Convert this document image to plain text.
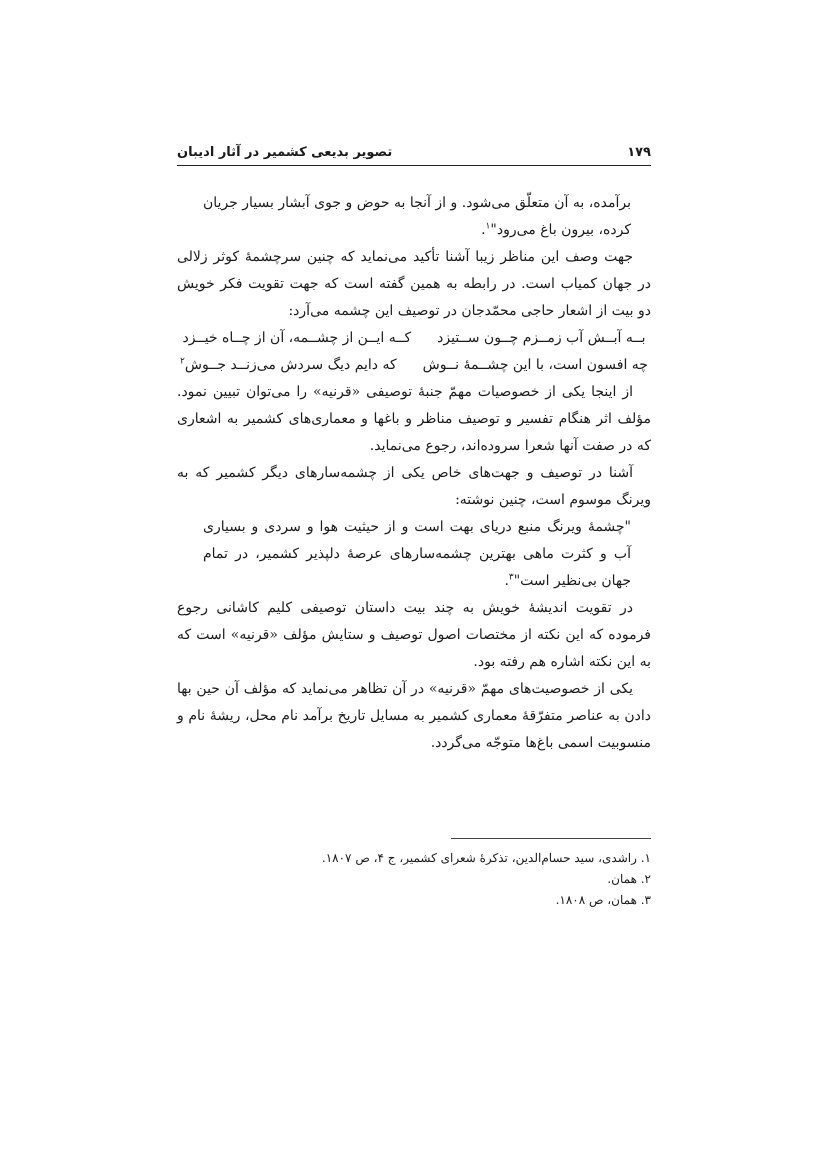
تصویر بدیعی کشمیر در آثار ادیبان	۱۷۹
برآمده، به آن متعلّق می‌شود. و از آنجا به حوض و جوی آبشار بسیار جریان کرده، بیرون باغ می‌رود"$^۱$.
جهت وصف این مناظر زیبا آشنا تأکید می‌نماید که چنین سرچشمهٔ کوثر زلالی در جهان کمیاب است. در رابطه به همین گفته است که جهت تقویت فکر خویش دو بیت از اشعار حاجی محمّدجان در توصیف این چشمه می‌آرد:
بــه آبــش آب زمــزم چــون ســتیزد
کــه ایــن از چشــمه، آن از چــاه خیــزد
چه افسون است، با این چشــمهٔ نــوش
که دایم دیگ سردش می‌زنــد جــوش$^۲$
از اینجا یکی از خصوصیات مهمّ جنبهٔ توصیفی «قرنیه» را می‌توان تبیین نمود. مؤلف اثر هنگام تفسیر و توصیف مناظر و باغها و معماری‌های کشمیر به اشعاری که در صفت آنها شعرا سروده‌اند، رجوع می‌نماید.
آشنا در توصیف و جهت‌های خاص یکی از چشمه‌سارهای دیگر کشمیر که به ویرنگ موسوم است، چنین نوشته:
"چشمهٔ ویرنگ منبع دریای بهت است و از حیثیت هوا و سردی و بسیاری آب و کثرت ماهی بهترین چشمه‌سارهای عرصهٔ دلپذیر کشمیر، در تمام جهان بی‌نظیر است"$^۳$.
در تقویت اندیشهٔ خویش به چند بیت داستان توصیفی کلیم کاشانی رجوع فرموده که این نکته از مختصات اصول توصیف و ستایش مؤلف «قرنیه» است که به این نکته اشاره هم رفته بود.
یکی از خصوصیت‌های مهمّ «قرنیه» در آن تظاهر می‌نماید که مؤلف آن حین بها دادن به عناصر متفرّقهٔ معماری کشمیر به مسایل تاریخ برآمد نام محل، ریشهٔ نام و منسوبیت اسمی باغ‌ها متوجّه می‌گردد.
۱. راشدی، سید حسام‌الدین، تذکرهٔ شعرای کشمیر، ج ۴، ص ۱۸۰۷.
۲. همان.
۳. همان، ص ۱۸۰۸.
